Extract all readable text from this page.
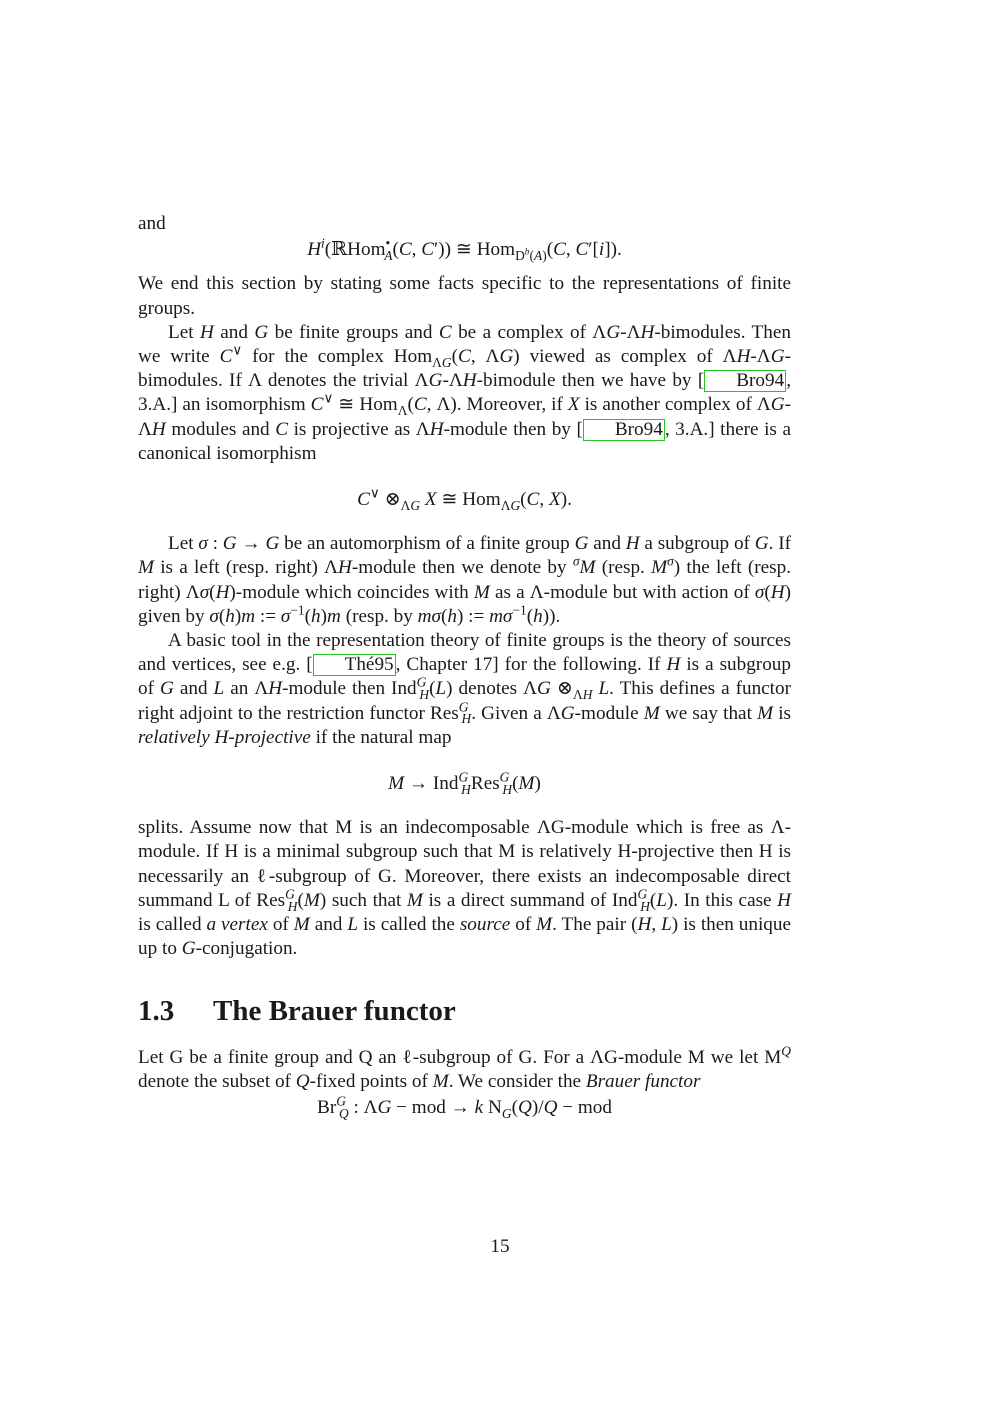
and

$H^i(ℝHom^•_A(C$, C′)) ≅ Hom$_{D^b(A)}$(C, C′[i]).

We end this section by stating some facts specific to the representations of finite groups.

Let H and G be finite groups and C be a complex of ΛG-ΛH-bimodules. Then we write C∨ for the complex Hom$_{\Lambda G}$(C, ΛG) viewed as complex of ΛH-ΛG-bimodules. If Λ denotes the trivial ΛG-ΛH-bimodule then we have by [ Bro94 , 3.A.] an isomorphism C∨ ≅ Hom$_\Lambda$(C, Λ). Moreover, if X is another complex of ΛG-ΛH modules and C is projective as ΛH-module then by [ Bro94 , 3.A.] there is a canonical isomorphism

C∨ $\otimes_{\Lambda G}$ X ≅ Hom$_{\Lambda G}$(C, X).

Let σ : G → G be an automorphism of a finite group G and H a subgroup of G. If M is a left (resp. right) ΛH-module then we denote by $^\sigma$M (resp. $M^\sigma$) the left (resp. right) Λσ(H)-module which coincides with M as a Λ-module but with action of σ(H) given by σ(h)m := $\sigma^{-1}(h)m$ (resp. by mσ(h) := $m\sigma^{-1}(h)$).

A basic tool in the representation theory of finite groups is the theory of sources and vertices, see e.g. [ Thé95 , Chapter 17] for the following. If H is a subgroup of G and L an ΛH-module then Ind$^G_H$(L) denotes ΛG $\otimes_{\Lambda H}$ L. This defines a functor right adjoint to the restriction functor Res$^G_H$. Given a ΛG-module M we say that M is relatively H-projective if the natural map

M → Ind$^G_H$Res$^G_H$(M)

splits. Assume now that M is an indecomposable ΛG-module which is free as Λ-module. If H is a minimal subgroup such that M is relatively H-projective then H is necessarily an ℓ-subgroup of G. Moreover, there exists an indecomposable direct summand L of Res$^G_H$(M) such that M is a direct summand of Ind$^G_H$(L). In this case H is called a vertex of M and L is called the source of M. The pair (H, L) is then unique up to G-conjugation.

1.3 The Brauer functor

Let G be a finite group and Q an ℓ-subgroup of G. For a ΛG-module M we let $M^Q$ denote the subset of Q-fixed points of M. We consider the Brauer functor

$Br^G_Q$ : ΛG − mod → k $N_G(Q)/Q$ − mod
15
